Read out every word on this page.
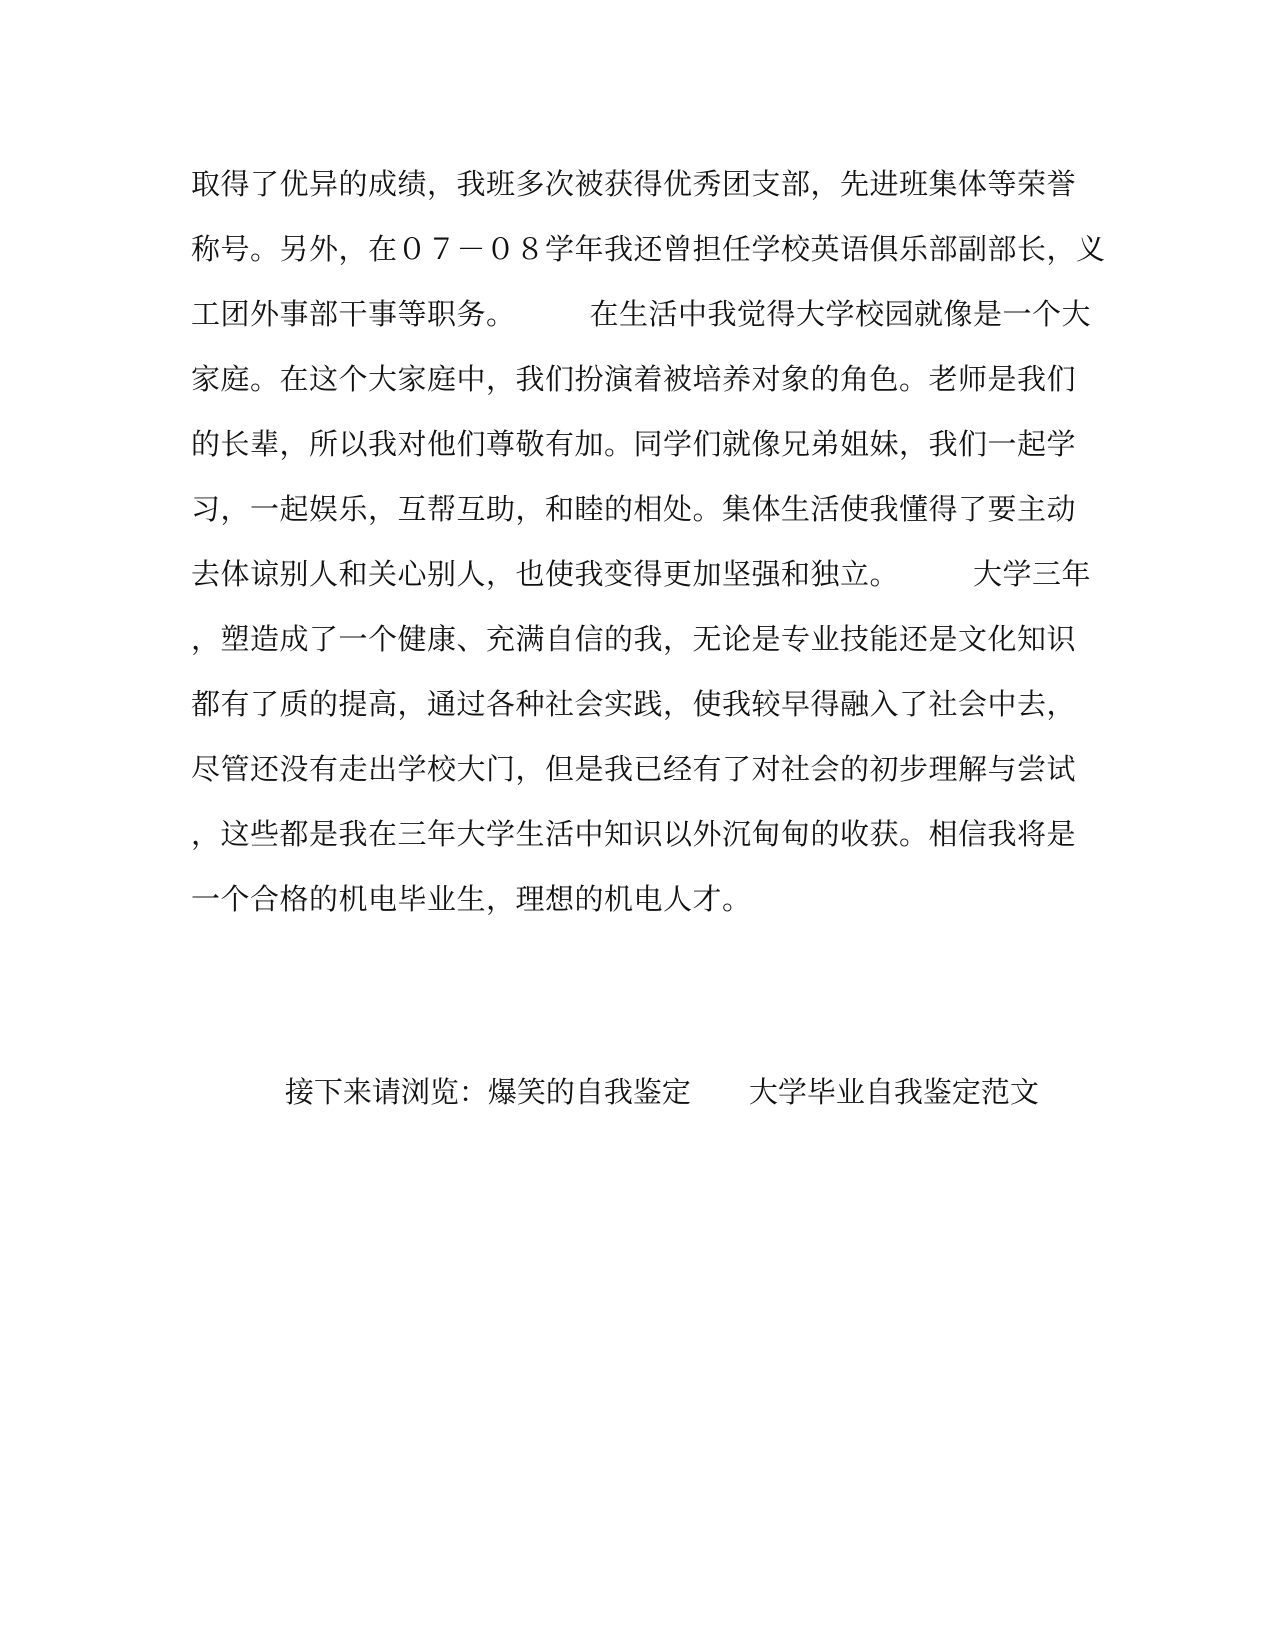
取得了优异的成绩，我班多次被获得优秀团支部，先进班集体等荣誉
称号。另外，在０７－０８学年我还曾担任学校英语俱乐部副部长，义
工团外事部干事等职务。　　　在生活中我觉得大学校园就像是一个大
家庭。在这个大家庭中，我们扮演着被培养对象的角色。老师是我们
的长辈，所以我对他们尊敬有加。同学们就像兄弟姐妹，我们一起学
习，一起娱乐，互帮互助，和睦的相处。集体生活使我懂得了要主动
去体谅别人和关心别人，也使我变得更加坚强和独立。　　　大学三年
，塑造成了一个健康、充满自信的我，无论是专业技能还是文化知识
都有了质的提高，通过各种社会实践，使我较早得融入了社会中去，
尽管还没有走出学校大门，但是我已经有了对社会的初步理解与尝试
，这些都是我在三年大学生活中知识以外沉甸甸的收获。相信我将是
一个合格的机电毕业生，理想的机电人才。

接下来请浏览：爆笑的自我鉴定 大学毕业自我鉴定范文
